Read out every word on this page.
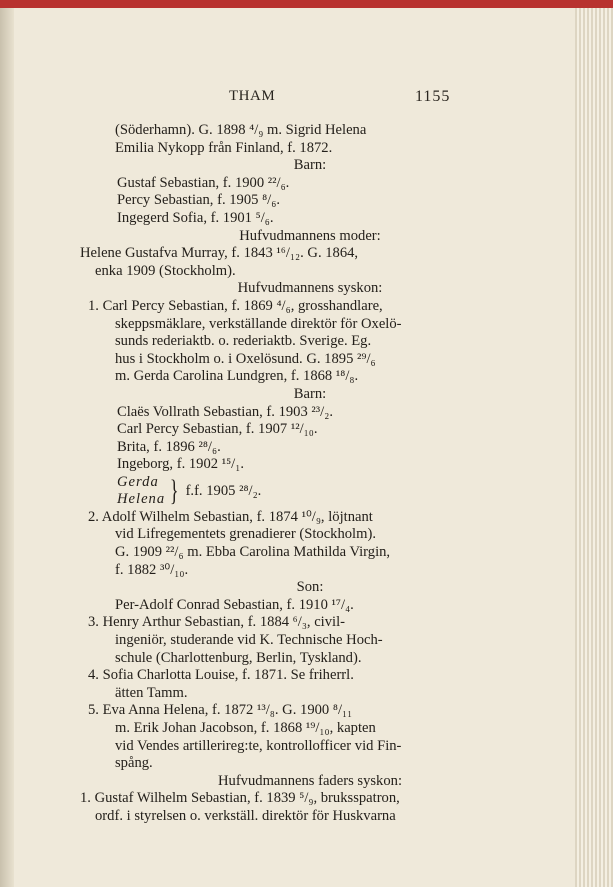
THAM	1155
(Söderhamn). G. 1898 ⁴/₉ m. Sigrid Helena
Emilia Nykopp från Finland, f. 1872.
Barn:
Gustaf Sebastian, f. 1900 ²²/₆.
Percy Sebastian, f. 1905 ⁸/₆.
Ingegerd Sofia, f. 1901 ⁵/₆.
Hufvudmannens moder:
Helene Gustafva Murray, f. 1843 ¹⁶/₁₂. G. 1864,
enka 1909 (Stockholm).
Hufvudmannens syskon:
1. Carl Percy Sebastian, f. 1869 ⁴/₆, grosshandlare,
skeppsmäklare, verkställande direktör för Oxelö-
sunds rederiaktb. o. rederiaktb. Sverige. Eg.
hus i Stockholm o. i Oxelösund. G. 1895 ²⁹/₆
m. Gerda Carolina Lundgren, f. 1868 ¹⁸/₈.
Barn:
Claës Vollrath Sebastian, f. 1903 ²³/₂.
Carl Percy Sebastian, f. 1907 ¹²/₁₀.
Brita, f. 1896 ²⁸/₆.
Ingeborg, f. 1902 ¹⁵/₁.
Gerda
Helena } f.f. 1905 ²⁸/₂.
2. Adolf Wilhelm Sebastian, f. 1874 ¹⁰/₉, löjtnant
vid Lifregementets grenadierer (Stockholm).
G. 1909 ²²/₆ m. Ebba Carolina Mathilda Virgin,
f. 1882 ³⁰/₁₀.
Son:
Per-Adolf Conrad Sebastian, f. 1910 ¹⁷/₄.
3. Henry Arthur Sebastian, f. 1884 ⁶/₃, civil-
ingeniör, studerande vid K. Technische Hoch-
schule (Charlottenburg, Berlin, Tyskland).
4. Sofia Charlotta Louise, f. 1871. Se friherrl.
ätten Tamm.
5. Eva Anna Helena, f. 1872 ¹³/₈. G. 1900 ⁸/₁₁
m. Erik Johan Jacobson, f. 1868 ¹⁹/₁₀, kapten
vid Vendes artillerireg:te, kontrollofficer vid Fin-
spång.
Hufvudmannens faders syskon:
1. Gustaf Wilhelm Sebastian, f. 1839 ⁵/₉, bruksspatron,
ordf. i styrelsen o. verkställ. direktör för Huskvarna
